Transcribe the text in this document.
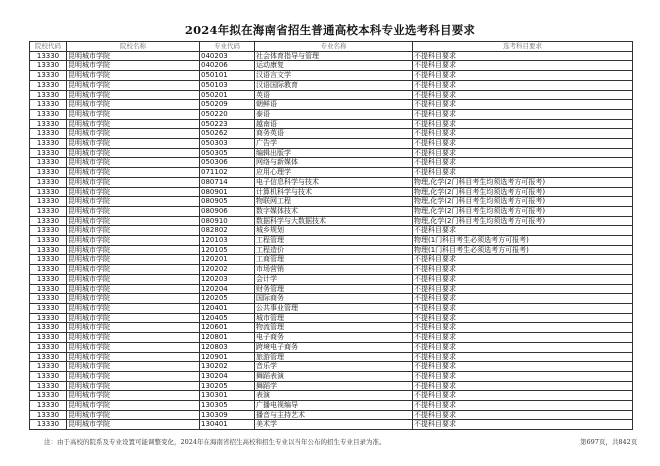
2024年拟在海南省招生普通高校本科专业选考科目要求
院校代码	院校名称	专业代码	专业名称	选考科目要求
13330	昆明城市学院	040203	社会体育指导与管理	不提科目要求
13330	昆明城市学院	040206	运动康复	不提科目要求
13330	昆明城市学院	050101	汉语言文学	不提科目要求
13330	昆明城市学院	050103	汉语国际教育	不提科目要求
13330	昆明城市学院	050201	英语	不提科目要求
13330	昆明城市学院	050209	朝鲜语	不提科目要求
13330	昆明城市学院	050220	泰语	不提科目要求
13330	昆明城市学院	050223	越南语	不提科目要求
13330	昆明城市学院	050262	商务英语	不提科目要求
13330	昆明城市学院	050303	广告学	不提科目要求
13330	昆明城市学院	050305	编辑出版学	不提科目要求
13330	昆明城市学院	050306	网络与新媒体	不提科目要求
13330	昆明城市学院	071102	应用心理学	不提科目要求
13330	昆明城市学院	080714	电子信息科学与技术	物理,化学(2门科目考生均须选考方可报考)
13330	昆明城市学院	080901	计算机科学与技术	物理,化学(2门科目考生均须选考方可报考)
13330	昆明城市学院	080905	物联网工程	物理,化学(2门科目考生均须选考方可报考)
13330	昆明城市学院	080906	数字媒体技术	物理,化学(2门科目考生均须选考方可报考)
13330	昆明城市学院	080910	数据科学与大数据技术	物理,化学(2门科目考生均须选考方可报考)
13330	昆明城市学院	082802	城乡规划	不提科目要求
13330	昆明城市学院	120103	工程管理	物理(1门科目考生必须选考方可报考)
13330	昆明城市学院	120105	工程造价	物理(1门科目考生必须选考方可报考)
13330	昆明城市学院	120201	工商管理	不提科目要求
13330	昆明城市学院	120202	市场营销	不提科目要求
13330	昆明城市学院	120203	会计学	不提科目要求
13330	昆明城市学院	120204	财务管理	不提科目要求
13330	昆明城市学院	120205	国际商务	不提科目要求
13330	昆明城市学院	120401	公共事业管理	不提科目要求
13330	昆明城市学院	120405	城市管理	不提科目要求
13330	昆明城市学院	120601	物流管理	不提科目要求
13330	昆明城市学院	120801	电子商务	不提科目要求
13330	昆明城市学院	120803	跨境电子商务	不提科目要求
13330	昆明城市学院	120901	旅游管理	不提科目要求
13330	昆明城市学院	130202	音乐学	不提科目要求
13330	昆明城市学院	130204	舞蹈表演	不提科目要求
13330	昆明城市学院	130205	舞蹈学	不提科目要求
13330	昆明城市学院	130301	表演	不提科目要求
13330	昆明城市学院	130305	广播电视编导	不提科目要求
13330	昆明城市学院	130309	播音与主持艺术	不提科目要求
13330	昆明城市学院	130401	美术学	不提科目要求
注：由于高校的院系及专业设置可能调整变化，2024年在海南省招生高校和招生专业以当年公布的招生专业目录为准。	第697页，共842页
